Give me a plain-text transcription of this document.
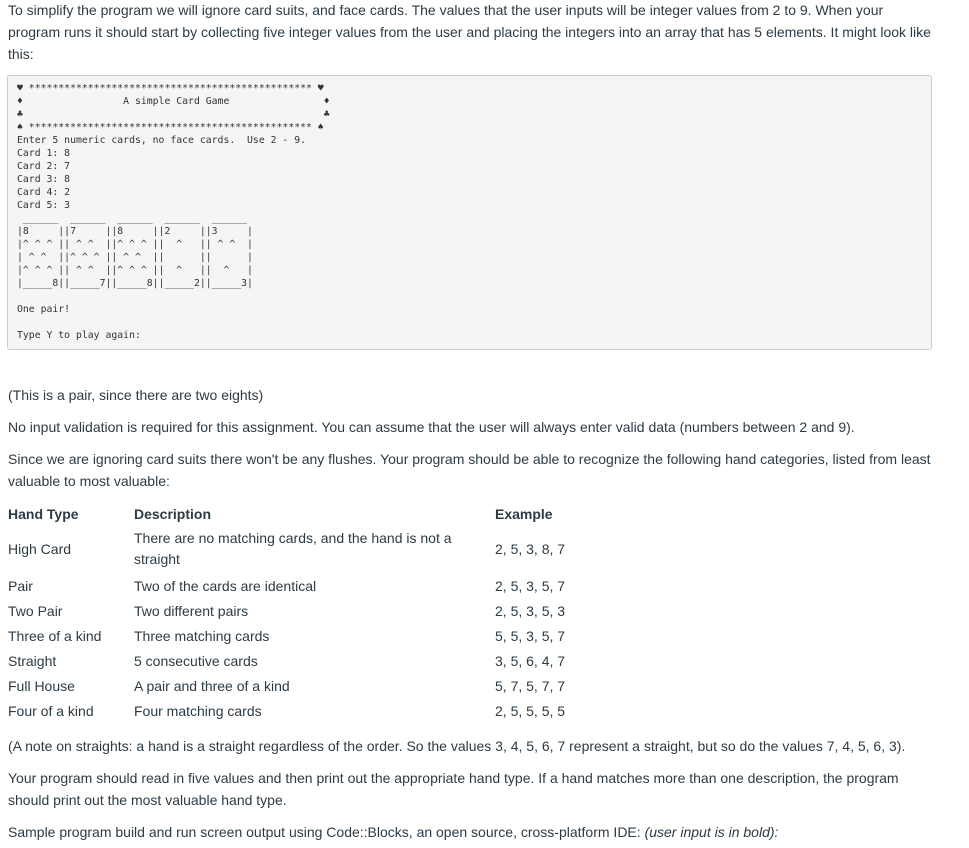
To simplify the program we will ignore card suits, and face cards. The values that the user inputs will be integer values from 2 to 9. When your program runs it should start by collecting five integer values from the user and placing the integers into an array that has 5 elements. It might look like this:

♥ ************************************************ ♥
♦                 A simple Card Game                ♦
♣                                                   ♣
♠ ************************************************ ♠
Enter 5 numeric cards, no face cards.  Use 2 - 9.
Card 1: 8
Card 2: 7
Card 3: 8
Card 4: 2
Card 5: 3
______  ______  ______  ______  ______
|8     ||7     ||8     ||2     ||3     |
|^ ^ ^ || ^ ^  ||^ ^ ^ ||  ^   || ^ ^  |
| ^ ^  ||^ ^ ^ || ^ ^  ||      ||      |
|^ ^ ^ || ^ ^  ||^ ^ ^ ||  ^   ||  ^   |
|_____8||_____7||_____8||_____2||_____3|

One pair!

Type Y to play again:

(This is a pair, since there are two eights)

No input validation is required for this assignment. You can assume that the user will always enter valid data (numbers between 2 and 9).

Since we are ignoring card suits there won't be any flushes. Your program should be able to recognize the following hand categories, listed from least valuable to most valuable:

Hand Type	Description	Example
High Card	There are no matching cards, and the hand is not a straight	2, 5, 3, 8, 7
Pair	Two of the cards are identical	2, 5, 3, 5, 7
Two Pair	Two different pairs	2, 5, 3, 5, 3
Three of a kind	Three matching cards	5, 5, 3, 5, 7
Straight	5 consecutive cards	3, 5, 6, 4, 7
Full House	A pair and three of a kind	5, 7, 5, 7, 7
Four of a kind	Four matching cards	2, 5, 5, 5, 5

(A note on straights: a hand is a straight regardless of the order. So the values 3, 4, 5, 6, 7 represent a straight, but so do the values 7, 4, 5, 6, 3).

Your program should read in five values and then print out the appropriate hand type. If a hand matches more than one description, the program should print out the most valuable hand type.

Sample program build and run screen output using Code::Blocks, an open source, cross-platform IDE: (user input is in bold):
